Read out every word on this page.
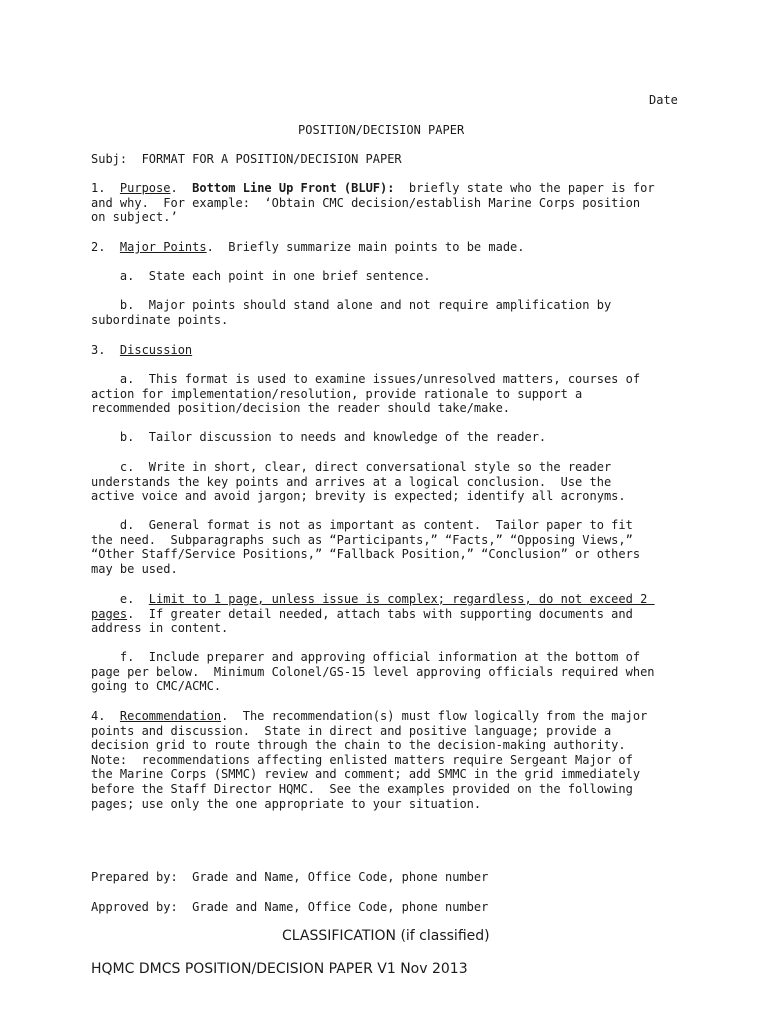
Date
POSITION/DECISION PAPER
Subj:  FORMAT FOR A POSITION/DECISION PAPER
1.  Purpose.  Bottom Line Up Front (BLUF):  briefly state who the paper is for
and why.  For example:  ‘Obtain CMC decision/establish Marine Corps position
on subject.’
2.  Major Points.  Briefly summarize main points to be made.
a.  State each point in one brief sentence.
b.  Major points should stand alone and not require amplification by
subordinate points.
3.  Discussion
a.  This format is used to examine issues/unresolved matters, courses of
action for implementation/resolution, provide rationale to support a
recommended position/decision the reader should take/make.
b.  Tailor discussion to needs and knowledge of the reader.
c.  Write in short, clear, direct conversational style so the reader
understands the key points and arrives at a logical conclusion.  Use the
active voice and avoid jargon; brevity is expected; identify all acronyms.
d.  General format is not as important as content.  Tailor paper to fit
the need.  Subparagraphs such as “Participants,” “Facts,” “Opposing Views,”
“Other Staff/Service Positions,” “Fallback Position,” “Conclusion” or others
may be used.
e.  Limit to 1 page, unless issue is complex; regardless, do not exceed 2
pages.  If greater detail needed, attach tabs with supporting documents and
address in content.
f.  Include preparer and approving official information at the bottom of
page per below.  Minimum Colonel/GS-15 level approving officials required when
going to CMC/ACMC.
4.  Recommendation.  The recommendation(s) must flow logically from the major
points and discussion.  State in direct and positive language; provide a
decision grid to route through the chain to the decision-making authority.
Note:  recommendations affecting enlisted matters require Sergeant Major of
the Marine Corps (SMMC) review and comment; add SMMC in the grid immediately
before the Staff Director HQMC.  See the examples provided on the following
pages; use only the one appropriate to your situation.
Prepared by:  Grade and Name, Office Code, phone number
Approved by:  Grade and Name, Office Code, phone number
CLASSIFICATION (if classified)
HQMC DMCS POSITION/DECISION PAPER V1 Nov 2013
